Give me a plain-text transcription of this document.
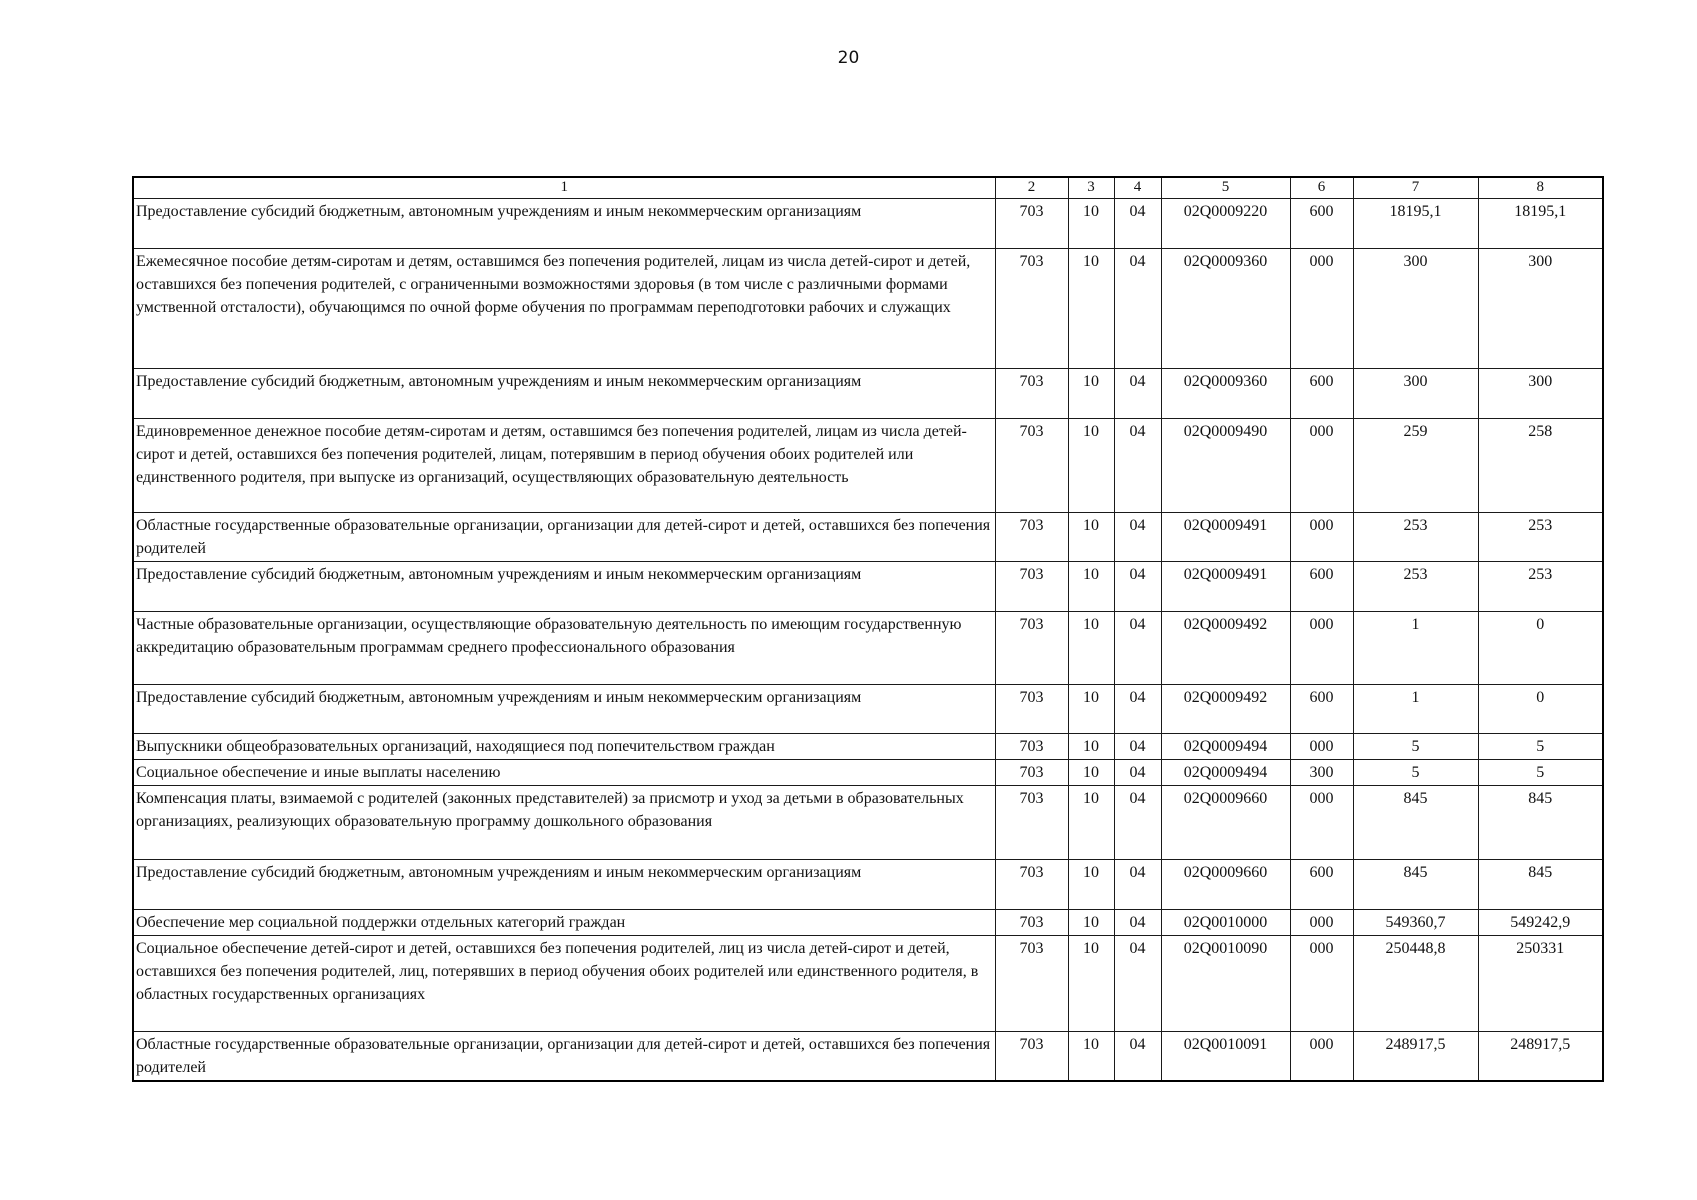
20
1	2	3	4	5	6	7	8
Предоставление субсидий бюджетным, автономным учреждениям и иным некоммерческим организациям	703	10	04	02Q0009220	600	18195,1	18195,1
Ежемесячное пособие детям-сиротам и детям, оставшимся без попечения родителей, лицам из числа детей-сирот и детей, оставшихся без попечения родителей, с ограниченными возможностями здоровья (в том числе с различными формами умственной отсталости), обучающимся по очной форме обучения по программам переподготовки рабочих и служащих	703	10	04	02Q0009360	000	300	300
Предоставление субсидий бюджетным, автономным учреждениям и иным некоммерческим организациям	703	10	04	02Q0009360	600	300	300
Единовременное денежное пособие детям-сиротам и детям, оставшимся без попечения родителей, лицам из числа детей-сирот и детей, оставшихся без попечения родителей, лицам, потерявшим в период обучения обоих родителей или единственного родителя, при выпуске из организаций, осуществляющих образовательную деятельность	703	10	04	02Q0009490	000	259	258
Областные государственные образовательные организации, организации для детей-сирот и детей, оставшихся без попечения родителей	703	10	04	02Q0009491	000	253	253
Предоставление субсидий бюджетным, автономным учреждениям и иным некоммерческим организациям	703	10	04	02Q0009491	600	253	253
Частные образовательные организации, осуществляющие образовательную деятельность по имеющим государственную аккредитацию образовательным программам среднего профессионального образования	703	10	04	02Q0009492	000	1	0
Предоставление субсидий бюджетным, автономным учреждениям и иным некоммерческим организациям	703	10	04	02Q0009492	600	1	0
Выпускники общеобразовательных организаций, находящиеся под попечительством граждан	703	10	04	02Q0009494	000	5	5
Социальное обеспечение и иные выплаты населению	703	10	04	02Q0009494	300	5	5
Компенсация платы, взимаемой с родителей (законных представителей) за присмотр и уход за детьми в образовательных организациях, реализующих образовательную программу дошкольного образования	703	10	04	02Q0009660	000	845	845
Предоставление субсидий бюджетным, автономным учреждениям и иным некоммерческим организациям	703	10	04	02Q0009660	600	845	845
Обеспечение мер социальной поддержки отдельных категорий граждан	703	10	04	02Q0010000	000	549360,7	549242,9
Социальное обеспечение детей-сирот и детей, оставшихся без попечения родителей, лиц из числа детей-сирот и детей, оставшихся без попечения родителей, лиц, потерявших в период обучения обоих родителей или единственного родителя, в областных государственных организациях	703	10	04	02Q0010090	000	250448,8	250331
Областные государственные образовательные организации, организации для детей-сирот и детей, оставшихся без попечения родителей	703	10	04	02Q0010091	000	248917,5	248917,5
